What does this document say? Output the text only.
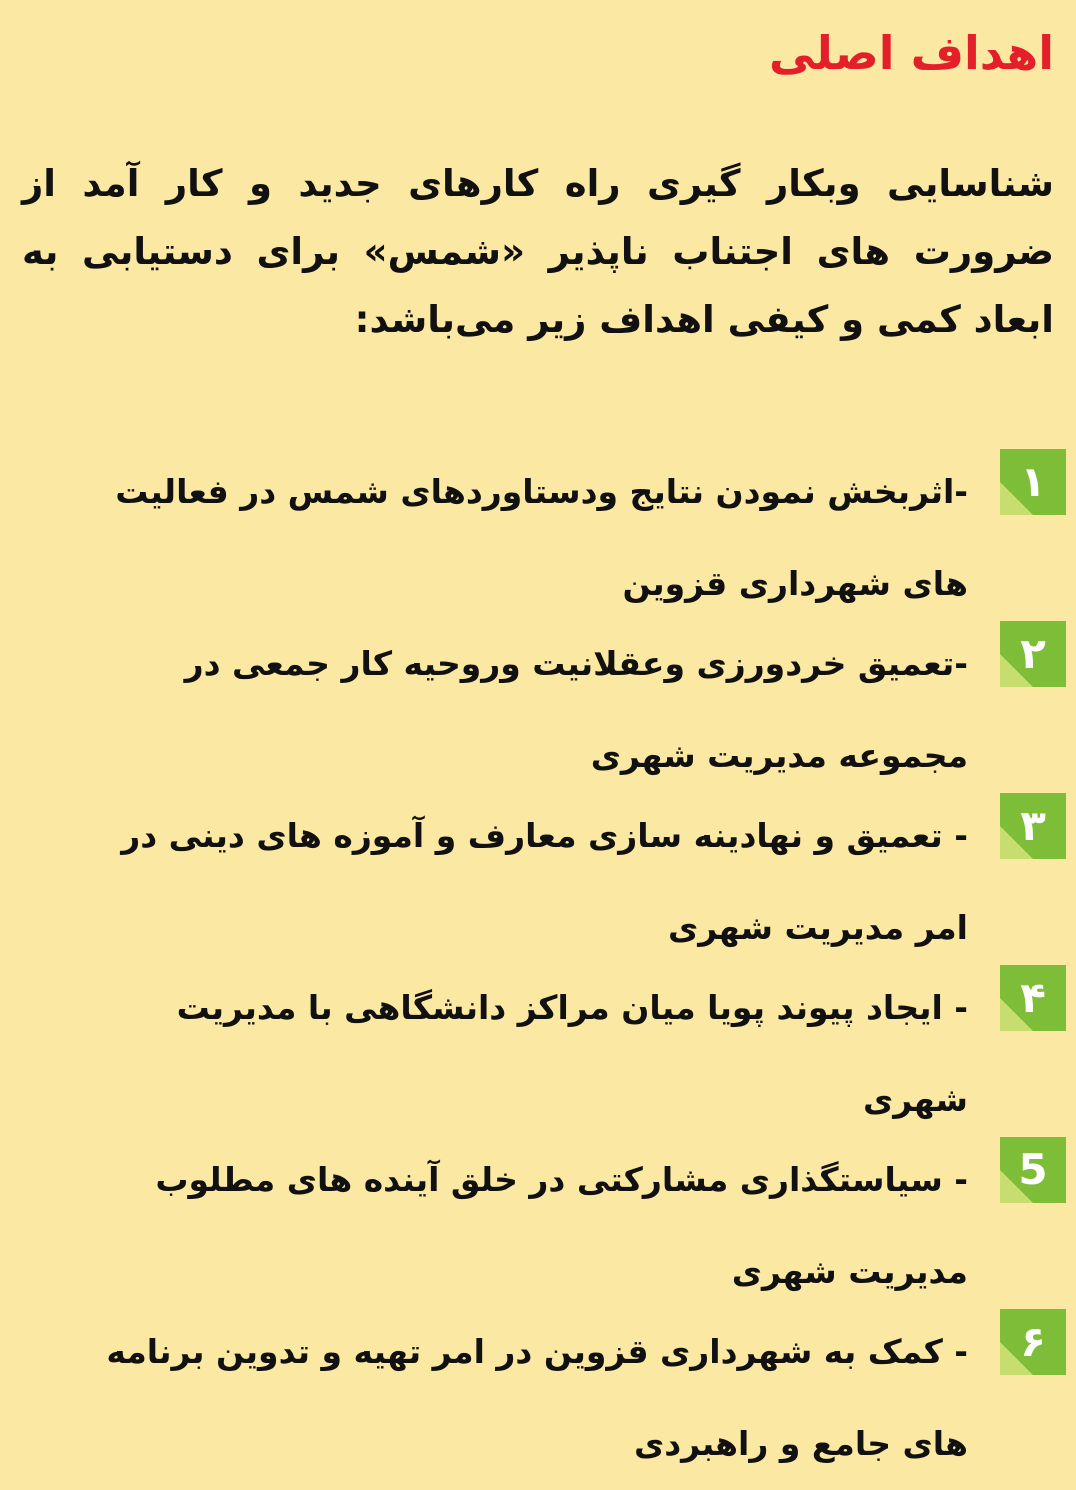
اهداف اصلی

شناسایی وبکار گیری راه کارهای جدید و کار آمد از ضرورت های اجتناب ناپذیر «شمس» برای دستیابی به ابعاد کمی و کیفی اهداف زیر می‌باشد:

۱

-اثربخش نمودن نتایج ودستاوردهای شمس در فعالیت های شهرداری قزوین

۲

-تعمیق خردورزی وعقلانیت وروحیه کار جمعی در مجموعه مدیریت شهری

۳

- تعمیق و نهادینه سازی معارف و آموزه های دینی در امر مدیریت شهری

۴

- ایجاد پیوند پویا میان مراکز دانشگاهی با مدیریت شهری

5

- سیاستگذاری مشارکتی در خلق آینده های مطلوب مدیریت شهری

۶

- کمک به شهرداری قزوین در امر تهیه و تدوین برنامه های جامع و راهبردی
